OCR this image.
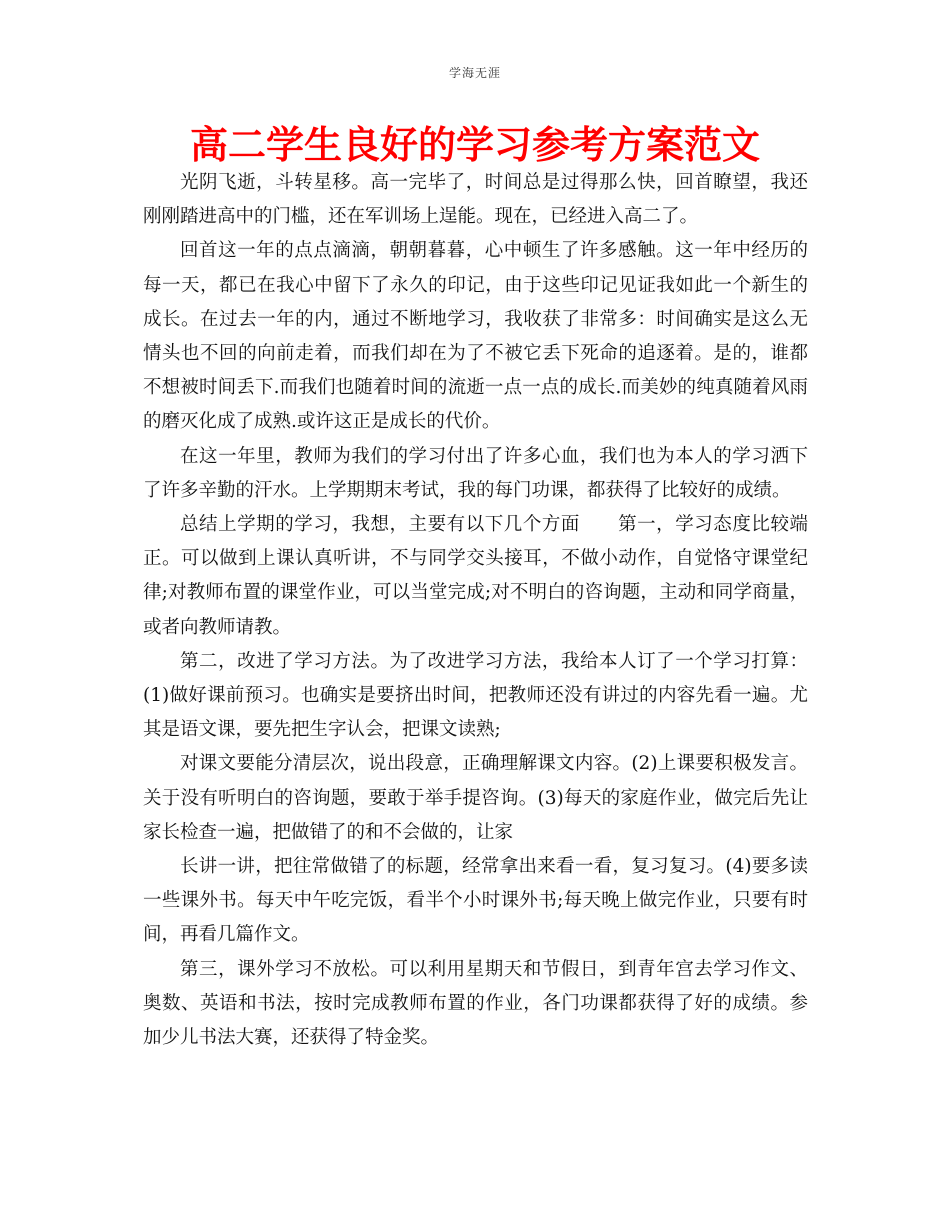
学海无涯
高二学生良好的学习参考方案范文

光阴飞逝，斗转星移。高一完毕了，时间总是过得那么快，回首瞭望，我还刚刚踏进高中的门槛，还在军训场上逞能。现在，已经进入高二了。

回首这一年的点点滴滴，朝朝暮暮，心中顿生了许多感触。这一年中经历的每一天，都已在我心中留下了永久的印记，由于这些印记见证我如此一个新生的成长。在过去一年的内，通过不断地学习，我收获了非常多：时间确实是这么无情头也不回的向前走着，而我们却在为了不被它丢下死命的追逐着。是的，谁都不想被时间丢下.而我们也随着时间的流逝一点一点的成长.而美妙的纯真随着风雨的磨灭化成了成熟.或许这正是成长的代价。

在这一年里，教师为我们的学习付出了许多心血，我们也为本人的学习洒下了许多辛勤的汗水。上学期期末考试，我的每门功课，都获得了比较好的成绩。

总结上学期的学习，我想，主要有以下几个方面　　第一，学习态度比较端正。可以做到上课认真听讲，不与同学交头接耳，不做小动作，自觉恪守课堂纪律;对教师布置的课堂作业，可以当堂完成;对不明白的咨询题，主动和同学商量，或者向教师请教。

第二，改进了学习方法。为了改进学习方法，我给本人订了一个学习打算：(1)做好课前预习。也确实是要挤出时间，把教师还没有讲过的内容先看一遍。尤其是语文课，要先把生字认会，把课文读熟;

对课文要能分清层次，说出段意，正确理解课文内容。(2)上课要积极发言。关于没有听明白的咨询题，要敢于举手提咨询。(3)每天的家庭作业，做完后先让家长检查一遍，把做错了的和不会做的，让家

长讲一讲，把往常做错了的标题，经常拿出来看一看，复习复习。(4)要多读一些课外书。每天中午吃完饭，看半个小时课外书;每天晚上做完作业，只要有时间，再看几篇作文。

第三，课外学习不放松。可以利用星期天和节假日，到青年宫去学习作文、奥数、英语和书法，按时完成教师布置的作业，各门功课都获得了好的成绩。参加少儿书法大赛，还获得了特金奖。
